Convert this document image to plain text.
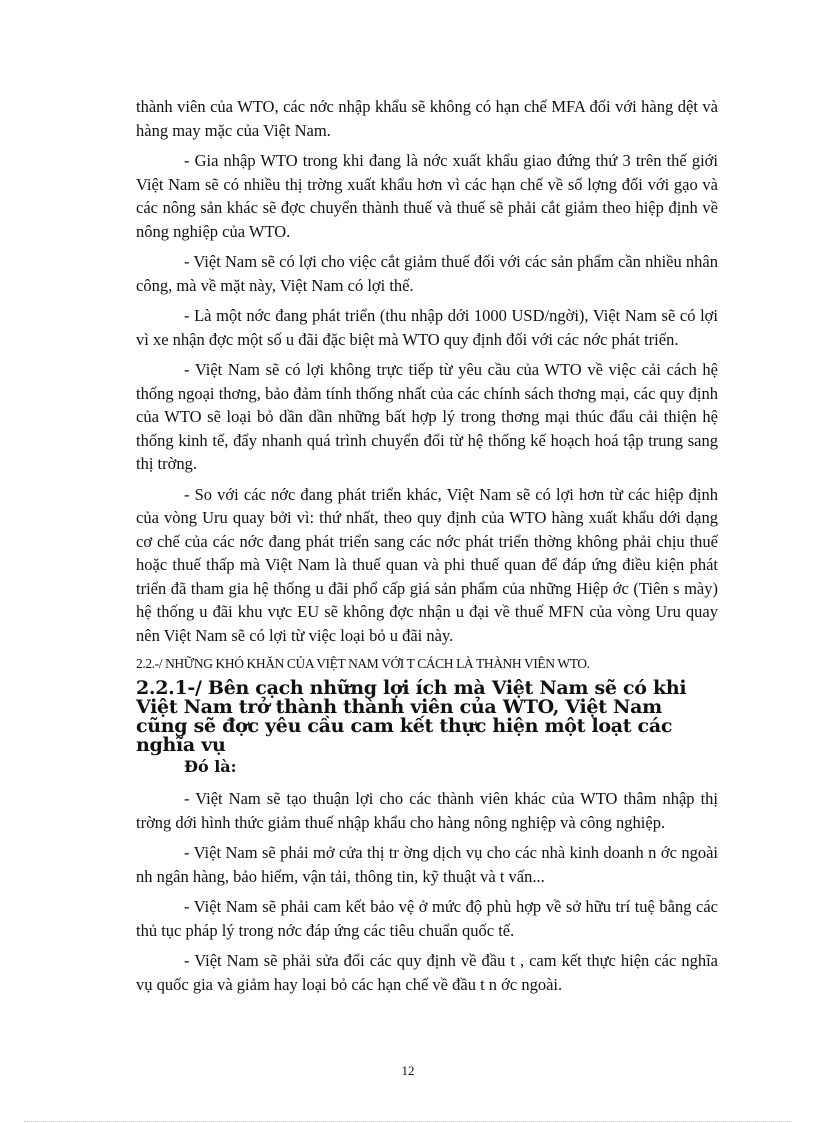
thành viên của WTO, các nớc nhập khẩu sẽ không có hạn chế MFA đối với hàng dệt và hàng may mặc của Việt Nam.

- Gia nhập WTO trong khi đang là nớc xuất khẩu giao đứng thứ 3 trên thế giới Việt Nam sẽ có nhiều thị trờng xuất khẩu hơn vì các hạn chế về số lợng đối với gạo và các nông sản khác sẽ đợc chuyển thành thuế và thuế sẽ phải cắt giảm theo hiệp định về nông nghiệp của WTO.

- Việt Nam sẽ có lợi cho việc cắt giảm thuế đối với các sản phẩm cần nhiều nhân công, mà về mặt này, Việt Nam có lợi thế.

- Là một nớc đang phát triển (thu nhập dới 1000 USD/ngời), Việt Nam sẽ có lợi vì xe nhận đợc một số u đãi đặc biệt mà WTO quy định đối với các nớc phát triển.

- Việt Nam sẽ có lợi không trực tiếp từ yêu cầu của WTO về việc cải cách hệ thống ngoại thơng, bảo đảm tính thống nhất của các chính sách thơng mại, các quy định của WTO sẽ loại bỏ dần dần những bất hợp lý trong thơng mại thúc đẩu cải thiện hệ thống kinh tế, đẩy nhanh quá trình chuyển đổi từ hệ thống kế hoạch hoá tập trung sang thị trờng.

- So với các nớc đang phát triển khác, Việt Nam sẽ có lợi hơn từ các hiệp định của vòng Uru quay bởi vì: thứ nhất, theo quy định của WTO hàng xuất khẩu dới dạng cơ chế của các nớc đang phát triển sang các nớc phát triển thờng không phải chịu thuế hoặc thuế thấp mà Việt Nam là thuế quan và phi thuế quan để đáp ứng điều kiện phát triển đã tham gia hệ thống u đãi phổ cấp giá sản phẩm của những Hiệp ớc (Tiên s mày) hệ thống u đãi khu vực EU sẽ không đợc nhận u đại về thuế MFN của vòng Uru quay nên Việt Nam sẽ có lợi từ việc loại bỏ u đãi này.

2.2.-/ NHỮNG KHÓ KHĂN CỦA VIỆT NAM VỚI T CÁCH LÀ THÀNH VIÊN WTO.
2.2.1-/ Bên cạch những lợi ích mà Việt Nam sẽ có khi Việt Nam trở thành thành viên của WTO, Việt Nam cũng sẽ đợc yêu cầu cam kết thực hiện một loạt các nghĩa vụ
Đó là:

- Việt Nam sẽ tạo thuận lợi cho các thành viên khác của WTO thâm nhập thị trờng dới hình thức giảm thuế nhập khẩu cho hàng nông nghiệp và công nghiệp.

- Việt Nam sẽ phải mở cửa thị tr ờng dịch vụ cho các nhà kinh doanh n ớc ngoài nh ngân hàng, bảo hiểm, vận tải, thông tin, kỹ thuật và t vấn...

- Việt Nam sẽ phải cam kết bảo vệ ở mức độ phù hợp về sở hữu trí tuệ bằng các thủ tục pháp lý trong nớc đáp ứng các tiêu chuẩn quốc tế.

- Việt Nam sẽ phải sửa đổi các quy định về đầu t , cam kết thực hiện các nghĩa vụ quốc gia và giảm hay loại bỏ các hạn chế về đầu t n ớc ngoài.

12
